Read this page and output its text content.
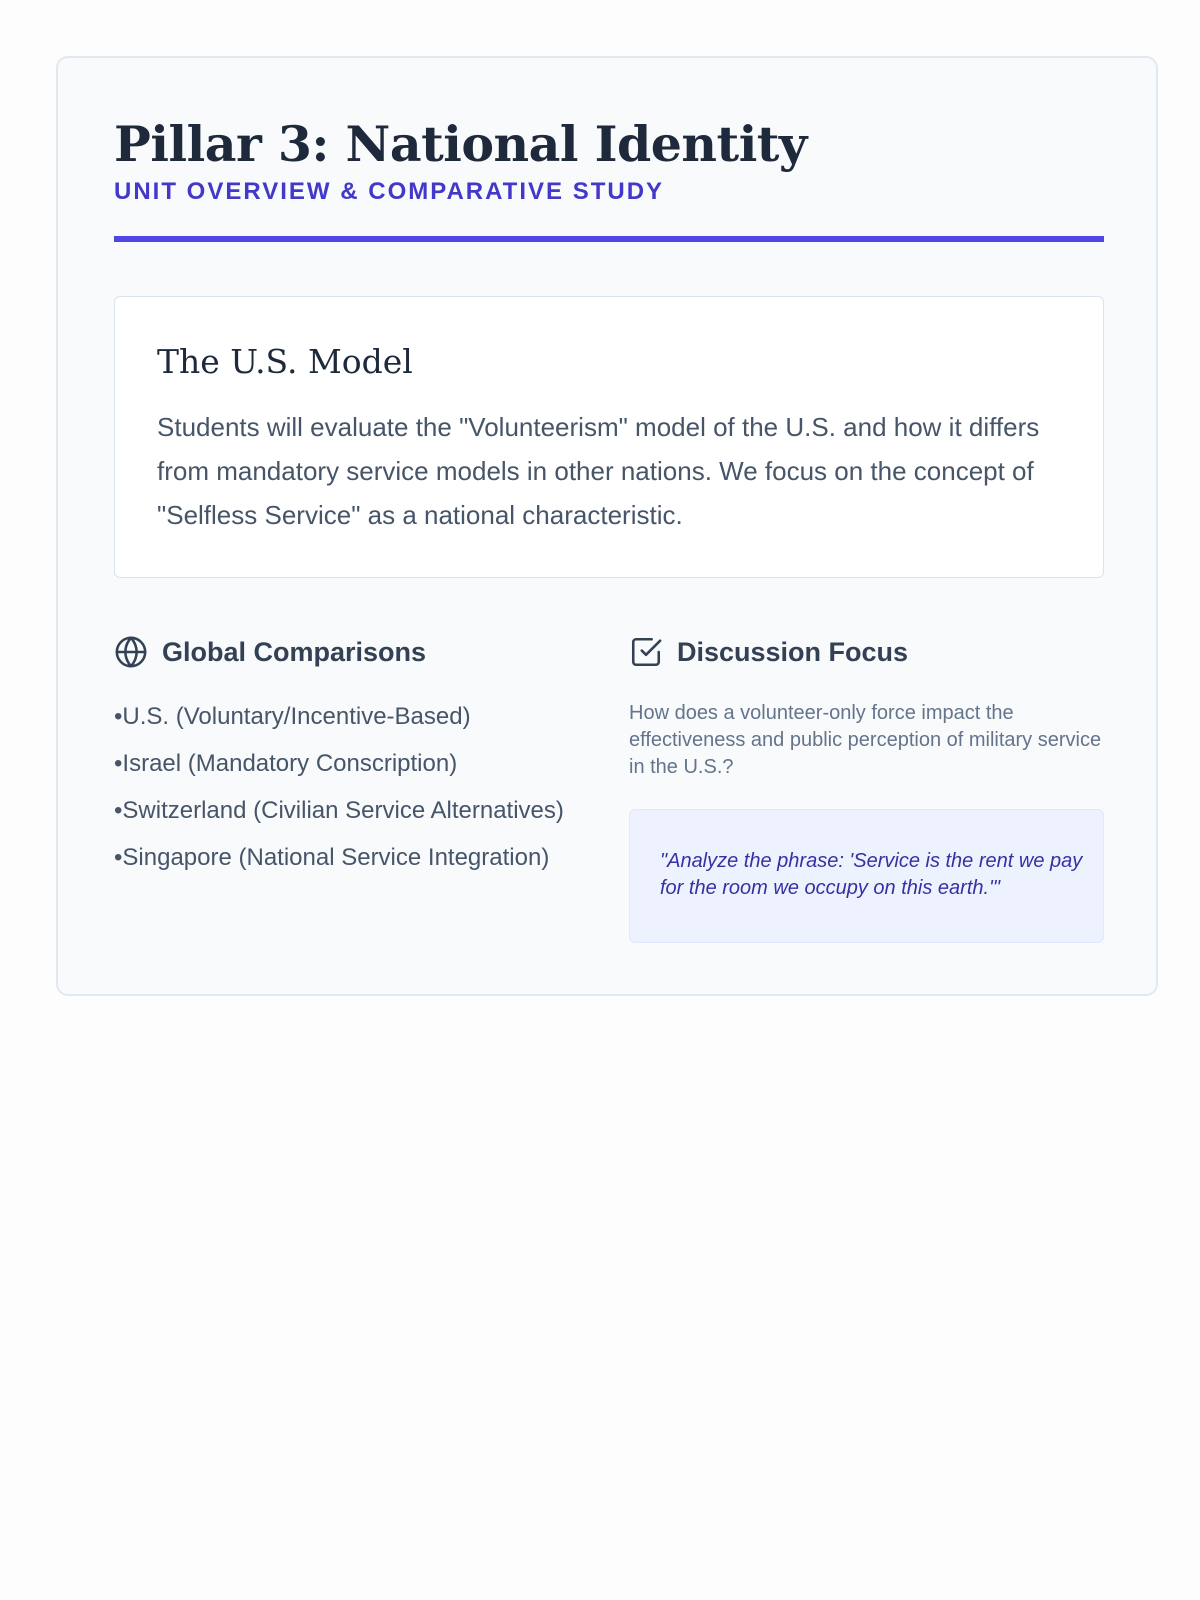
Pillar 3: National Identity
UNIT OVERVIEW & COMPARATIVE STUDY
The U.S. Model

Students will evaluate the "Volunteerism" model of the U.S. and how it differs from mandatory service models in other nations. We focus on the concept of "Selfless Service" as a national characteristic.

Global Comparisons
• U.S. (Voluntary/Incentive-Based)
• Israel (Mandatory Conscription)
• Switzerland (Civilian Service Alternatives)
• Singapore (National Service Integration)
Discussion Focus

How does a volunteer-only force impact the effectiveness and public perception of military service in the U.S.?

"Analyze the phrase: 'Service is the rent we pay for the room we occupy on this earth.'"
